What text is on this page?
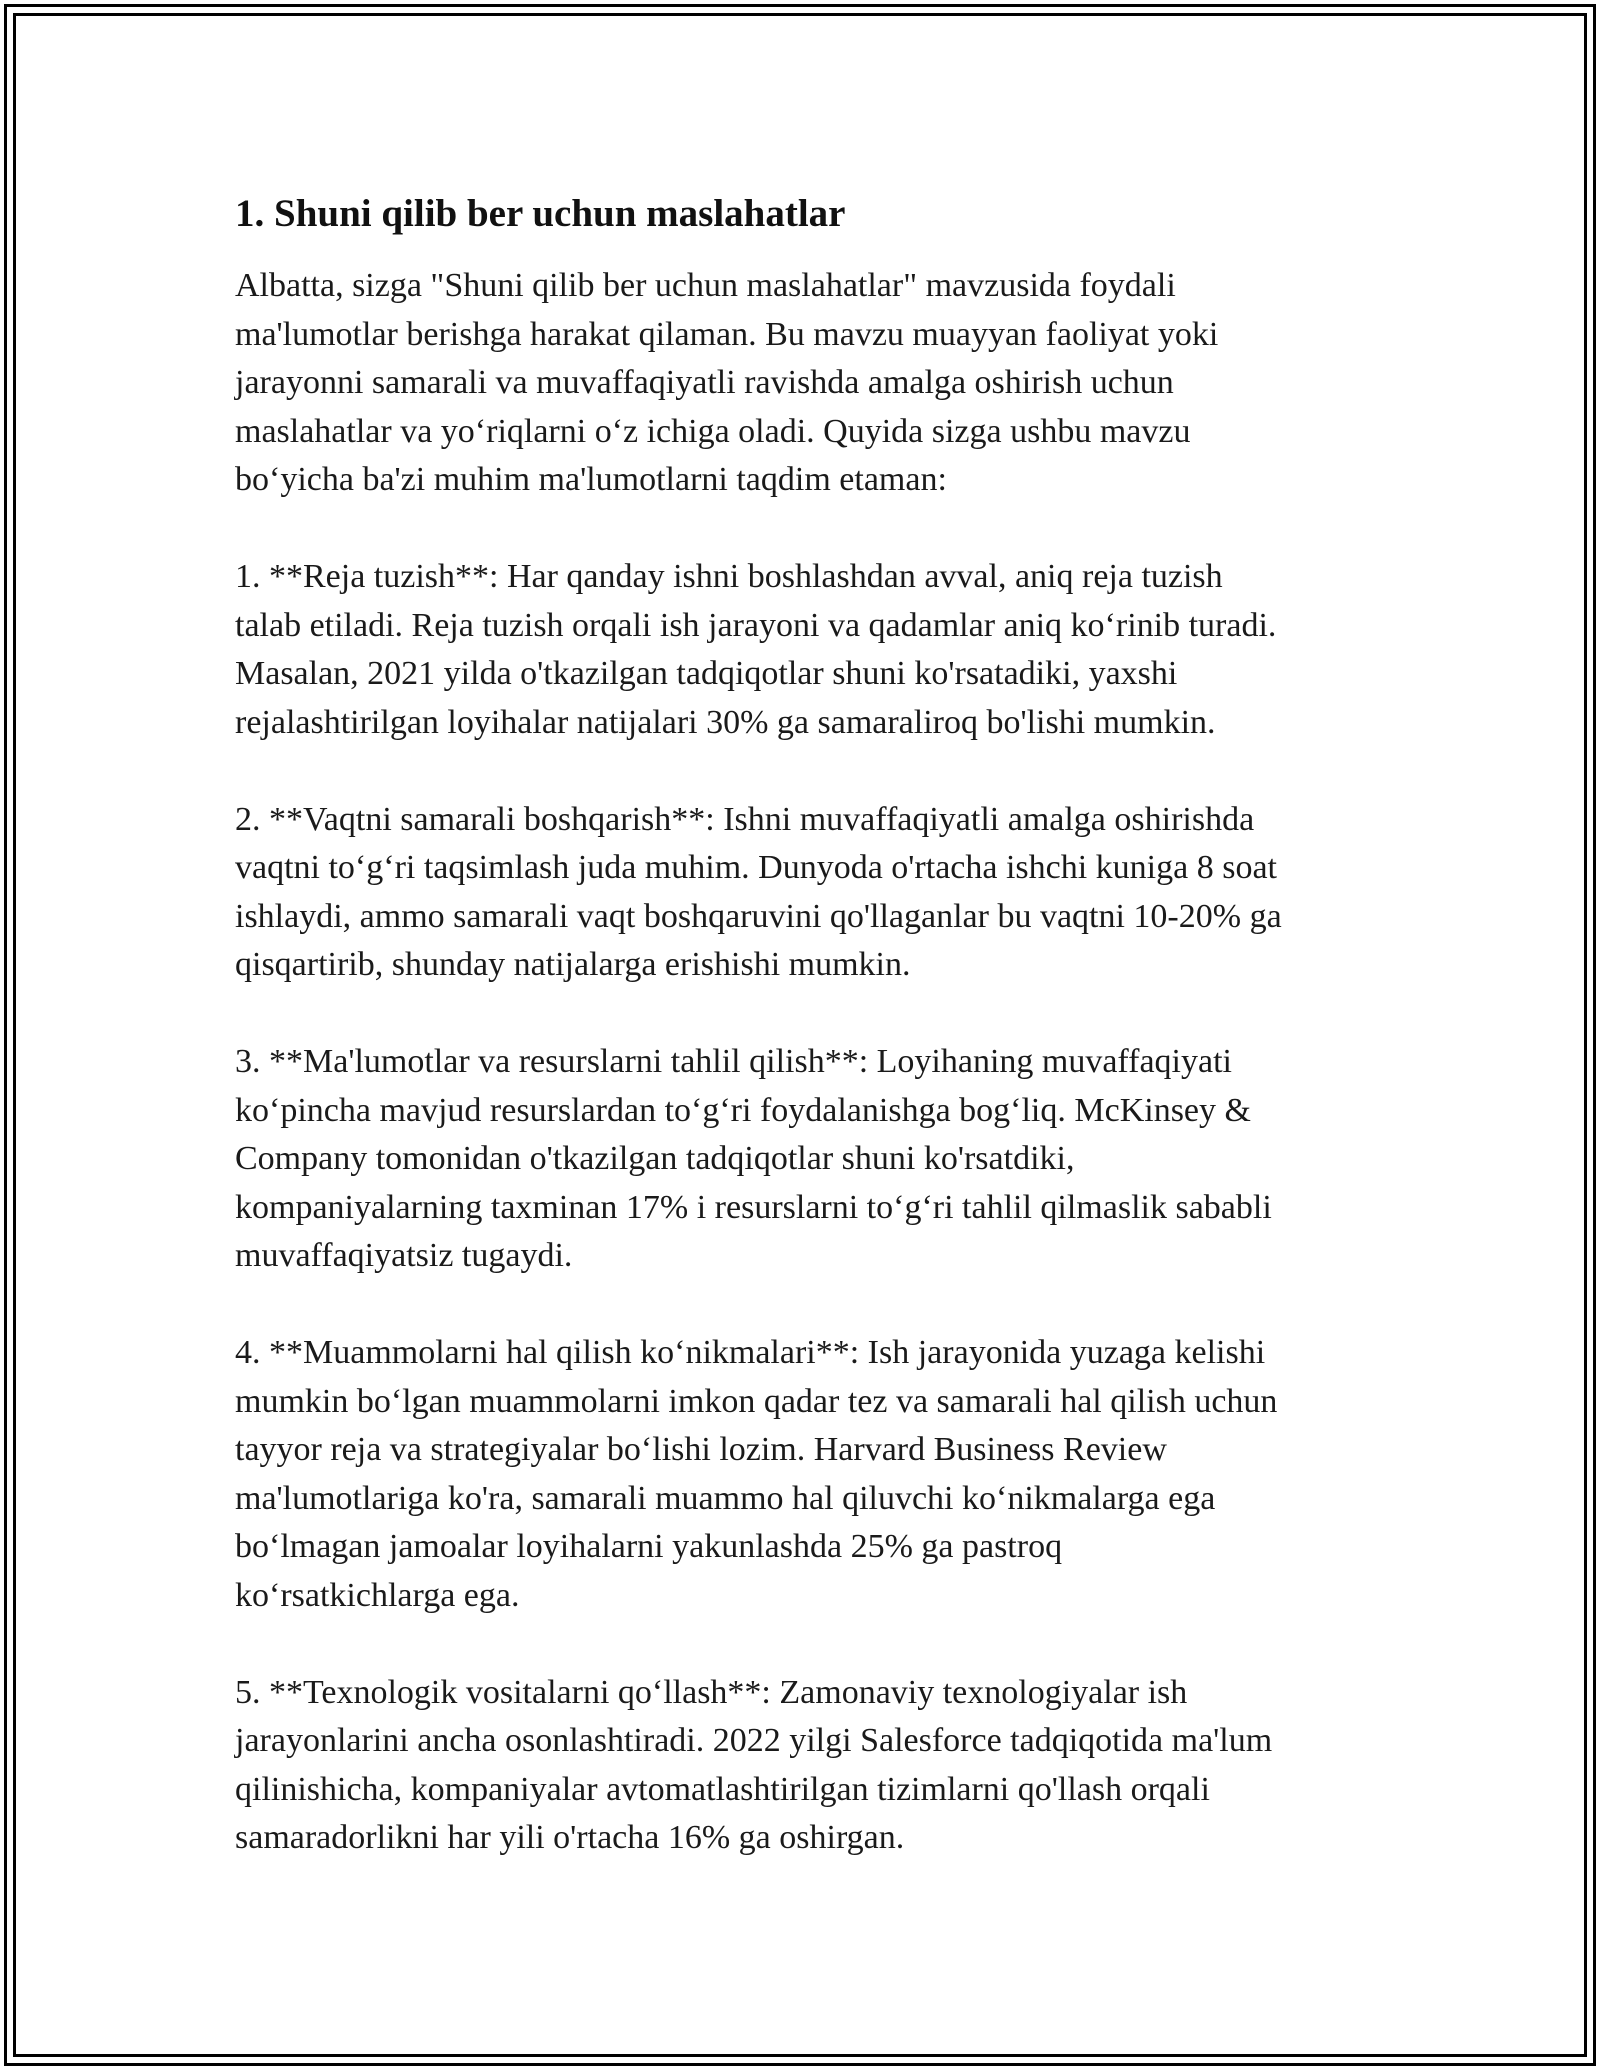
1. Shuni qilib ber uchun maslahatlar

Albatta, sizga "Shuni qilib ber uchun maslahatlar" mavzusida foydali
ma'lumotlar berishga harakat qilaman. Bu mavzu muayyan faoliyat yoki
jarayonni samarali va muvaffaqiyatli ravishda amalga oshirish uchun
maslahatlar va yo‘riqlarni o‘z ichiga oladi. Quyida sizga ushbu mavzu
bo‘yicha ba'zi muhim ma'lumotlarni taqdim etaman:

1. **Reja tuzish**: Har qanday ishni boshlashdan avval, aniq reja tuzish
talab etiladi. Reja tuzish orqali ish jarayoni va qadamlar aniq ko‘rinib turadi.
Masalan, 2021 yilda o'tkazilgan tadqiqotlar shuni ko'rsatadiki, yaxshi
rejalashtirilgan loyihalar natijalari 30% ga samaraliroq bo'lishi mumkin.

2. **Vaqtni samarali boshqarish**: Ishni muvaffaqiyatli amalga oshirishda
vaqtni to‘g‘ri taqsimlash juda muhim. Dunyoda o'rtacha ishchi kuniga 8 soat
ishlaydi, ammo samarali vaqt boshqaruvini qo'llaganlar bu vaqtni 10-20% ga
qisqartirib, shunday natijalarga erishishi mumkin.

3. **Ma'lumotlar va resurslarni tahlil qilish**: Loyihaning muvaffaqiyati
ko‘pincha mavjud resurslardan to‘g‘ri foydalanishga bog‘liq. McKinsey &
Company tomonidan o'tkazilgan tadqiqotlar shuni ko'rsatdiki,
kompaniyalarning taxminan 17% i resurslarni to‘g‘ri tahlil qilmaslik sababli
muvaffaqiyatsiz tugaydi.

4. **Muammolarni hal qilish ko‘nikmalari**: Ish jarayonida yuzaga kelishi
mumkin bo‘lgan muammolarni imkon qadar tez va samarali hal qilish uchun
tayyor reja va strategiyalar bo‘lishi lozim. Harvard Business Review
ma'lumotlariga ko'ra, samarali muammo hal qiluvchi ko‘nikmalarga ega
bo‘lmagan jamoalar loyihalarni yakunlashda 25% ga pastroq
ko‘rsatkichlarga ega.

5. **Texnologik vositalarni qo‘llash**: Zamonaviy texnologiyalar ish
jarayonlarini ancha osonlashtiradi. 2022 yilgi Salesforce tadqiqotida ma'lum
qilinishicha, kompaniyalar avtomatlashtirilgan tizimlarni qo'llash orqali
samaradorlikni har yili o'rtacha 16% ga oshirgan.
